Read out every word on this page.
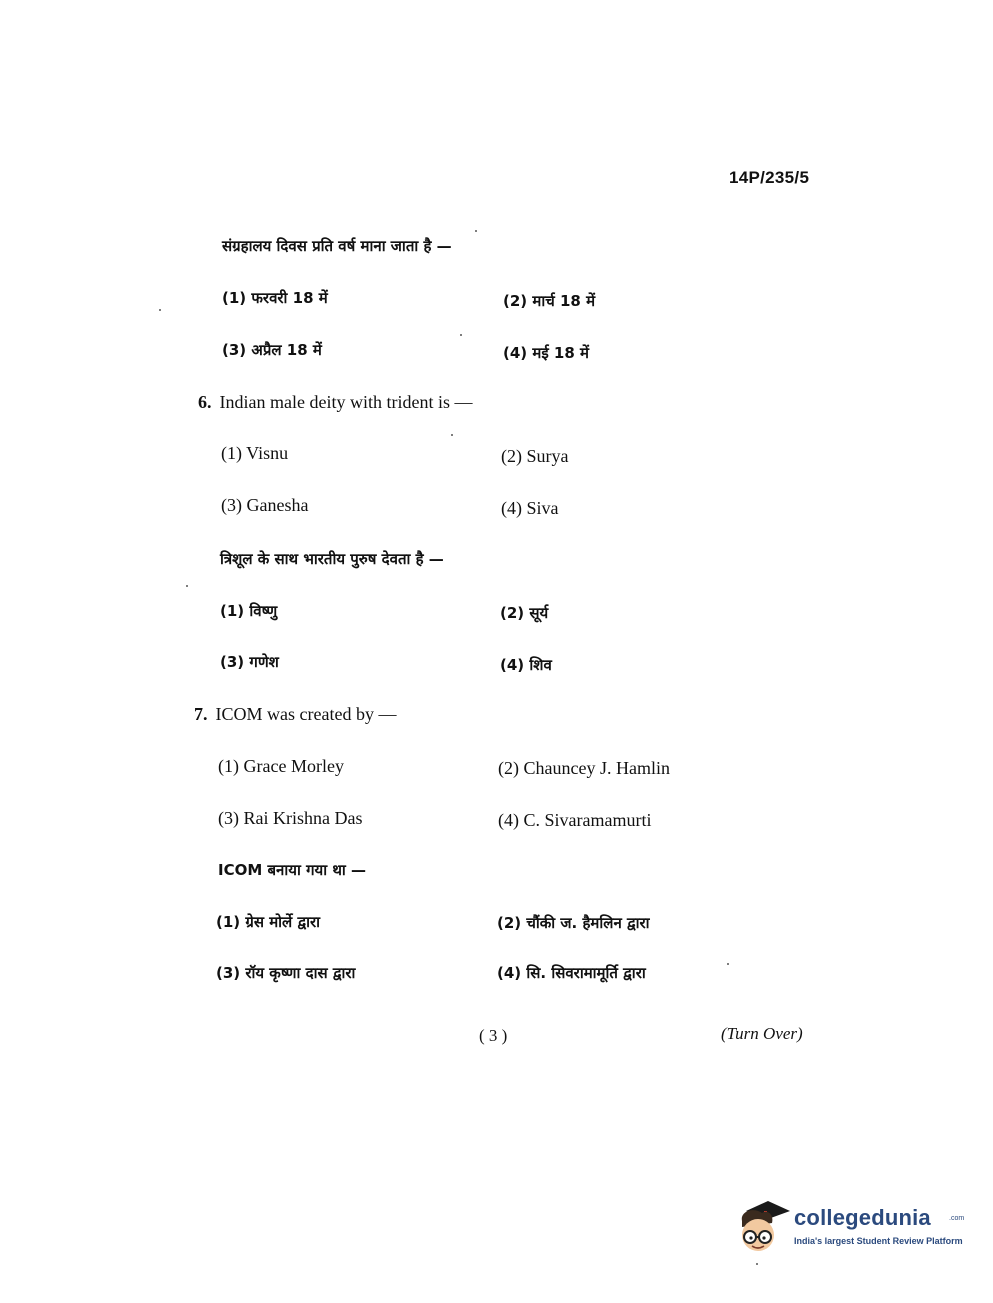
14P/235/5
संग्रहालय दिवस प्रति वर्ष माना जाता है —
(1) फरवरी 18 में	(2) मार्च 18 में
(3) अप्रैल 18 में	(4) मई 18 में
6. Indian male deity with trident is —
(1) Visnu	(2) Surya
(3) Ganesha	(4) Siva
त्रिशूल के साथ भारतीय पुरुष देवता है —
(1) विष्णु	(2) सूर्य
(3) गणेश	(4) शिव
7. ICOM was created by —
(1) Grace Morley	(2) Chauncey J. Hamlin
(3) Rai Krishna Das	(4) C. Sivaramamurti
ICOM बनाया गया था —
(1) ग्रेस मोर्ले द्वारा	(2) चौंकी ज. हैमलिन द्वारा
(3) रॉय कृष्णा दास द्वारा	(4) सि. सिवरामामूर्ति द्वारा
( 3 )	(Turn Over)
collegedunia	.com
India's largest Student Review Platform
